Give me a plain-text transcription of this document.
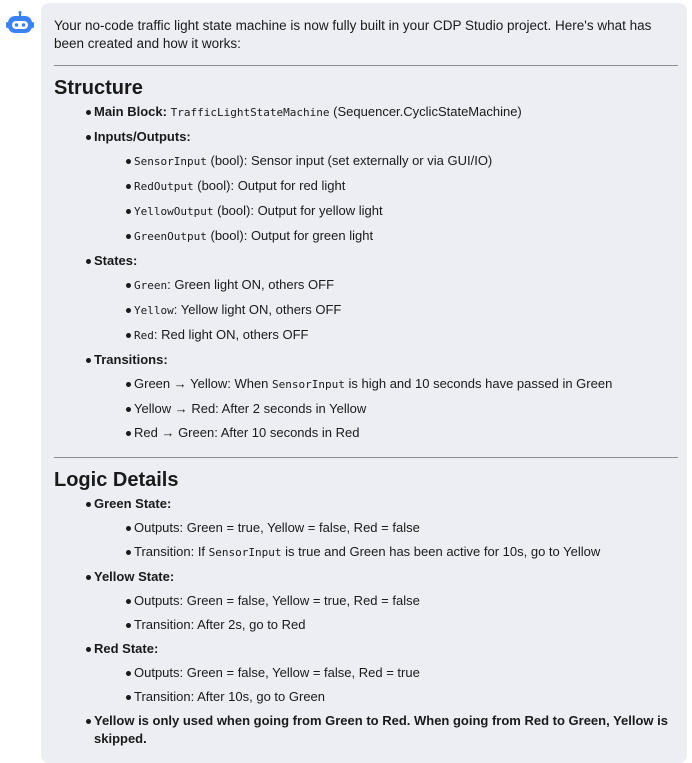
Your no-code traffic light state machine is now fully built in your CDP Studio project. Here's what has been created and how it works:

Structure
Main Block: TrafficLightStateMachine (Sequencer.CyclicStateMachine)
Inputs/Outputs:
SensorInput (bool): Sensor input (set externally or via GUI/IO)
RedOutput (bool): Output for red light
YellowOutput (bool): Output for yellow light
GreenOutput (bool): Output for green light
States:
Green: Green light ON, others OFF
Yellow: Yellow light ON, others OFF
Red: Red light ON, others OFF
Transitions:
Green → Yellow: When SensorInput is high and 10 seconds have passed in Green
Yellow → Red: After 2 seconds in Yellow
Red → Green: After 10 seconds in Red
Logic Details
Green State:
Outputs: Green = true, Yellow = false, Red = false
Transition: If SensorInput is true and Green has been active for 10s, go to Yellow
Yellow State:
Outputs: Green = false, Yellow = true, Red = false
Transition: After 2s, go to Red
Red State:
Outputs: Green = false, Yellow = false, Red = true
Transition: After 10s, go to Green
Yellow is only used when going from Green to Red. When going from Red to Green, Yellow is skipped.
